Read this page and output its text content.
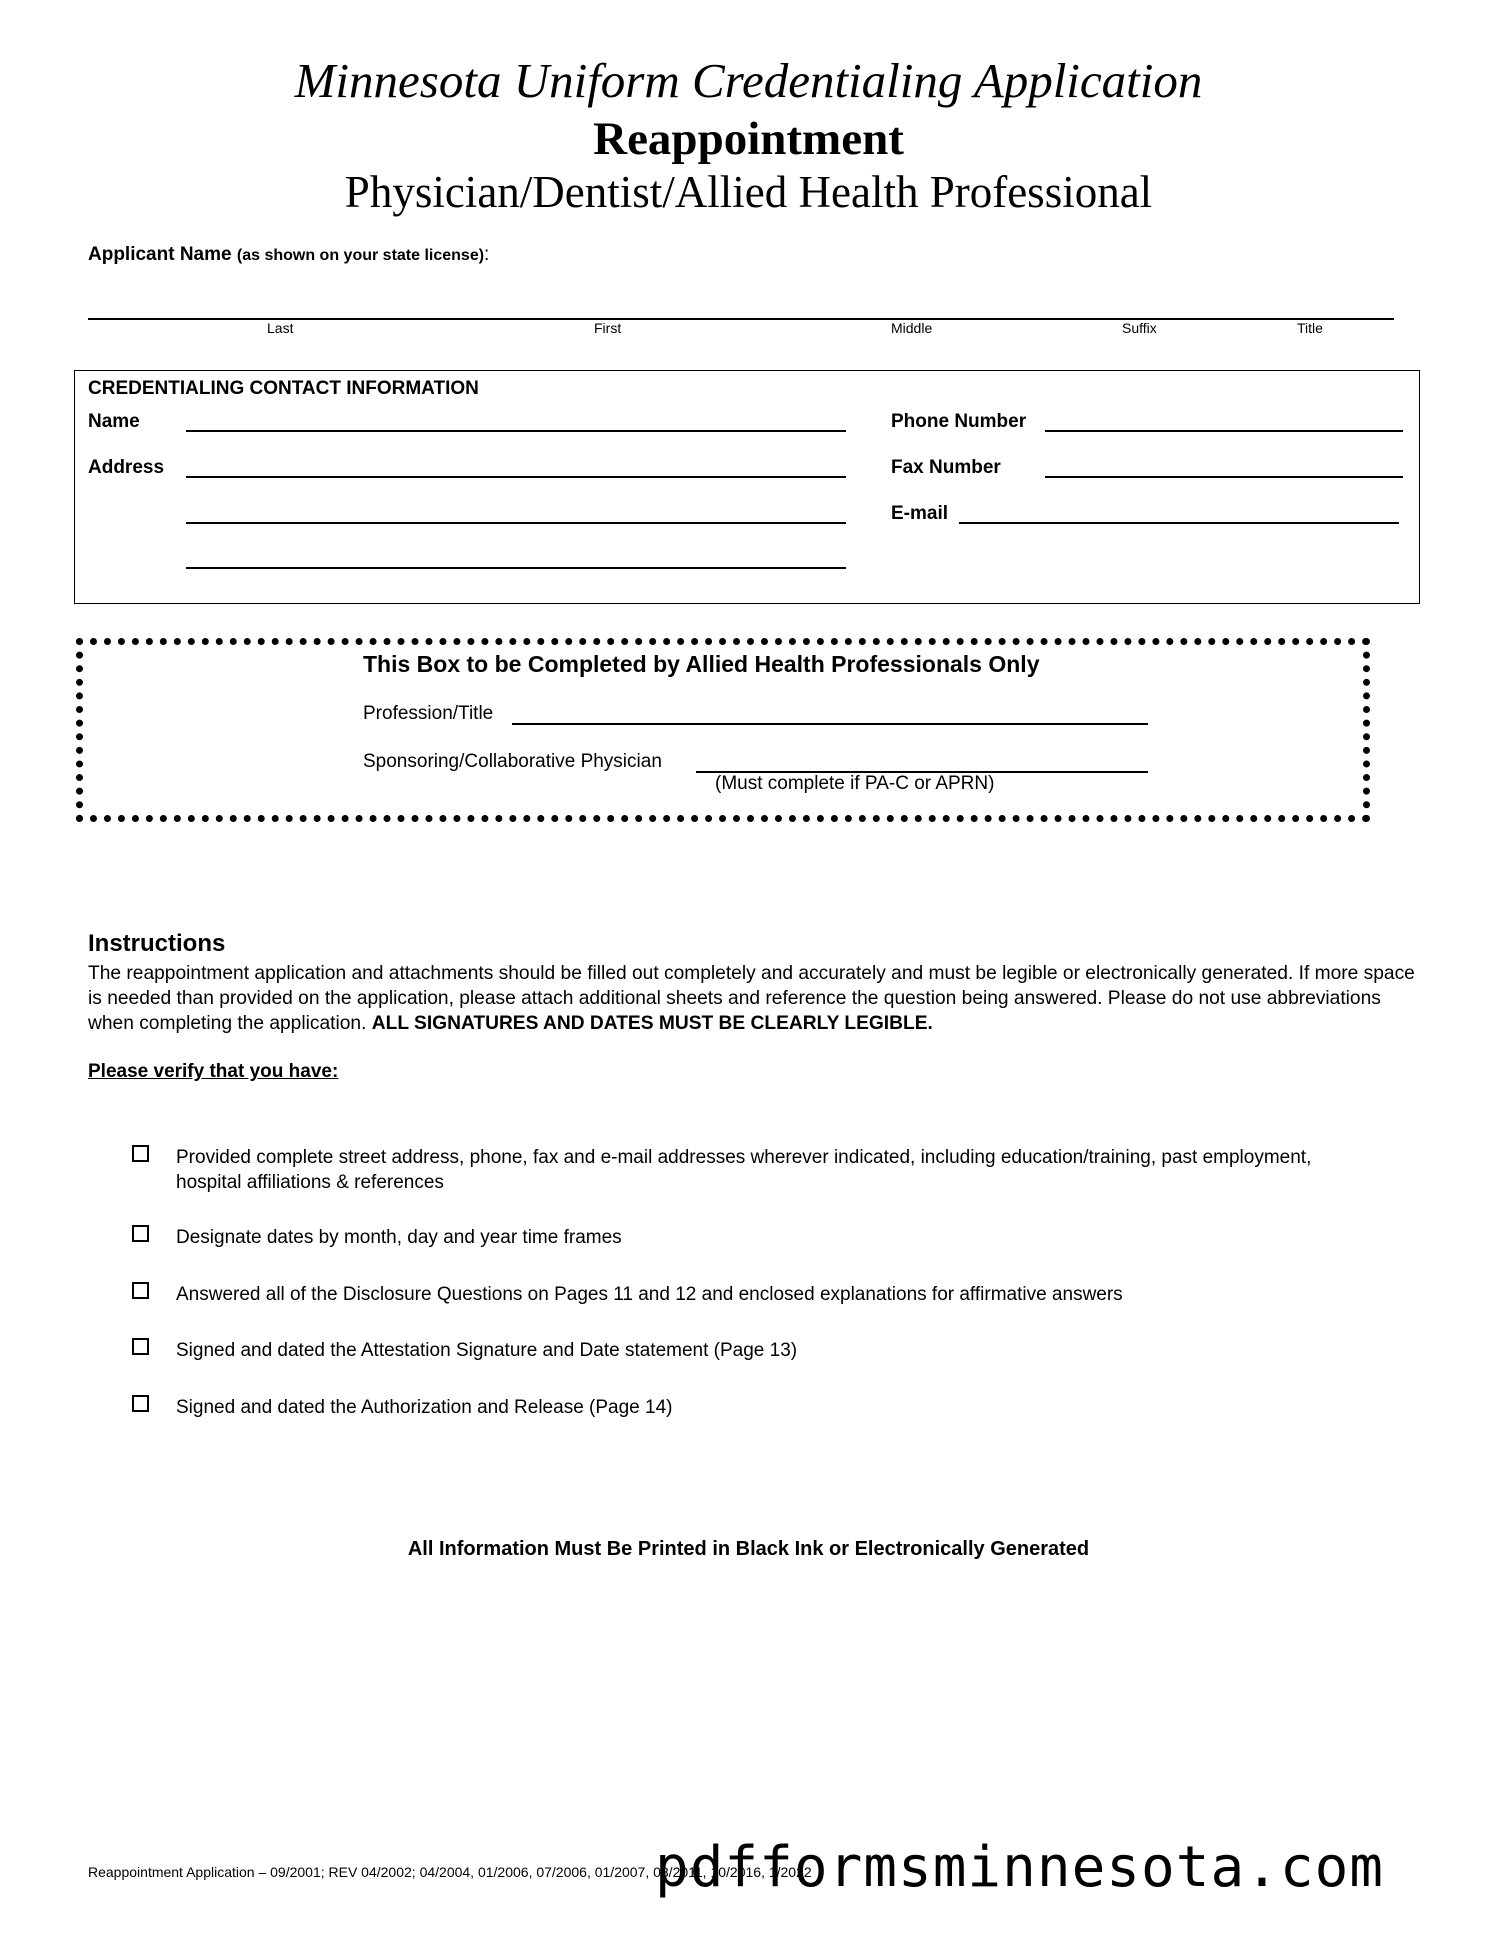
Minnesota Uniform Credentialing Application
Reappointment
Physician/Dentist/Allied Health Professional
Applicant Name (as shown on your state license):
Last	First	Middle	Suffix	Title
CREDENTIALING CONTACT INFORMATION
Name
Address
Phone Number
Fax Number
E-mail
This Box to be Completed by Allied Health Professionals Only
Profession/Title
Sponsoring/Collaborative Physician
(Must complete if PA-C or APRN)
Instructions
The reappointment application and attachments should be filled out completely and accurately and must be legible or electronically generated. If more space is needed than provided on the application, please attach additional sheets and reference the question being answered. Please do not use abbreviations when completing the application. ALL SIGNATURES AND DATES MUST BE CLEARLY LEGIBLE.
Please verify that you have:
Provided complete street address, phone, fax and e-mail addresses wherever indicated, including education/training, past employment, hospital affiliations & references
Designate dates by month, day and year time frames
Answered all of the Disclosure Questions on Pages 11 and 12 and enclosed explanations for affirmative answers
Signed and dated the Attestation Signature and Date statement (Page 13)
Signed and dated the Authorization and Release (Page 14)
All Information Must Be Printed in Black Ink or Electronically Generated
Reappointment Application – 09/2001; REV 04/2002; 04/2004, 01/2006, 07/2006, 01/2007, 08/2011, 10/2016, 1/2022
pdfformsminnesota.com
